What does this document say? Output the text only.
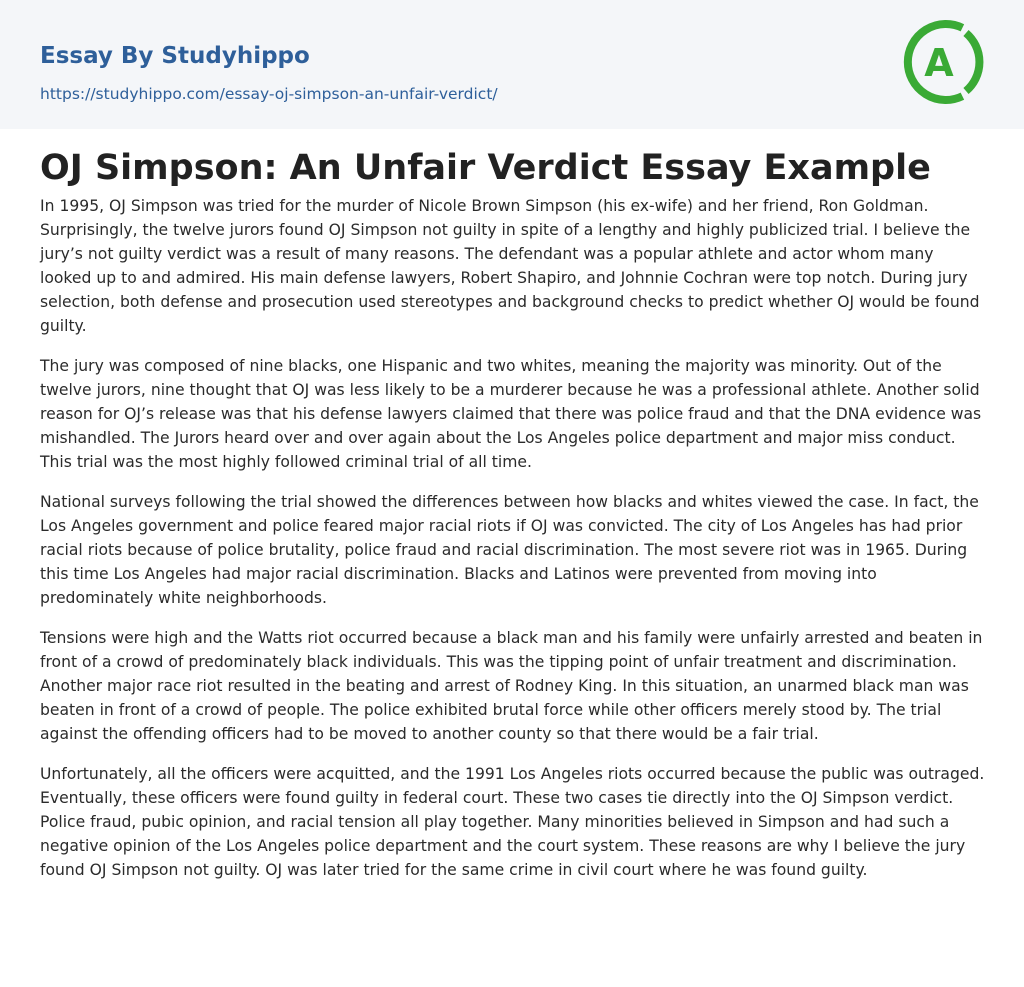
Essay By Studyhippo
https://studyhippo.com/essay-oj-simpson-an-unfair-verdict/
A
OJ Simpson: An Unfair Verdict Essay Example

In 1995, OJ Simpson was tried for the murder of Nicole Brown Simpson (his ex-wife) and her friend, Ron Goldman. Surprisingly, the twelve jurors found OJ Simpson not guilty in spite of a lengthy and highly publicized trial. I believe the jury’s not guilty verdict was a result of many reasons. The defendant was a popular athlete and actor whom many looked up to and admired. His main defense lawyers, Robert Shapiro, and Johnnie Cochran were top notch. During jury selection, both defense and prosecution used stereotypes and background checks to predict whether OJ would be found guilty.

The jury was composed of nine blacks, one Hispanic and two whites, meaning the majority was minority. Out of the twelve jurors, nine thought that OJ was less likely to be a murderer because he was a professional athlete. Another solid reason for OJ’s release was that his defense lawyers claimed that there was police fraud and that the DNA evidence was mishandled. The Jurors heard over and over again about the Los Angeles police department and major miss conduct. This trial was the most highly followed criminal trial of all time.

National surveys following the trial showed the differences between how blacks and whites viewed the case. In fact, the Los Angeles government and police feared major racial riots if OJ was convicted. The city of Los Angeles has had prior racial riots because of police brutality, police fraud and racial discrimination. The most severe riot was in 1965. During this time Los Angeles had major racial discrimination. Blacks and Latinos were prevented from moving into predominately white neighborhoods.

Tensions were high and the Watts riot occurred because a black man and his family were unfairly arrested and beaten in front of a crowd of predominately black individuals. This was the tipping point of unfair treatment and discrimination. Another major race riot resulted in the beating and arrest of Rodney King. In this situation, an unarmed black man was beaten in front of a crowd of people. The police exhibited brutal force while other officers merely stood by. The trial against the offending officers had to be moved to another county so that there would be a fair trial.

Unfortunately, all the officers were acquitted, and the 1991 Los Angeles riots occurred because the public was outraged. Eventually, these officers were found guilty in federal court. These two cases tie directly into the OJ Simpson verdict. Police fraud, pubic opinion, and racial tension all play together. Many minorities believed in Simpson and had such a negative opinion of the Los Angeles police department and the court system. These reasons are why I believe the jury found OJ Simpson not guilty. OJ was later tried for the same crime in civil court where he was found guilty.
